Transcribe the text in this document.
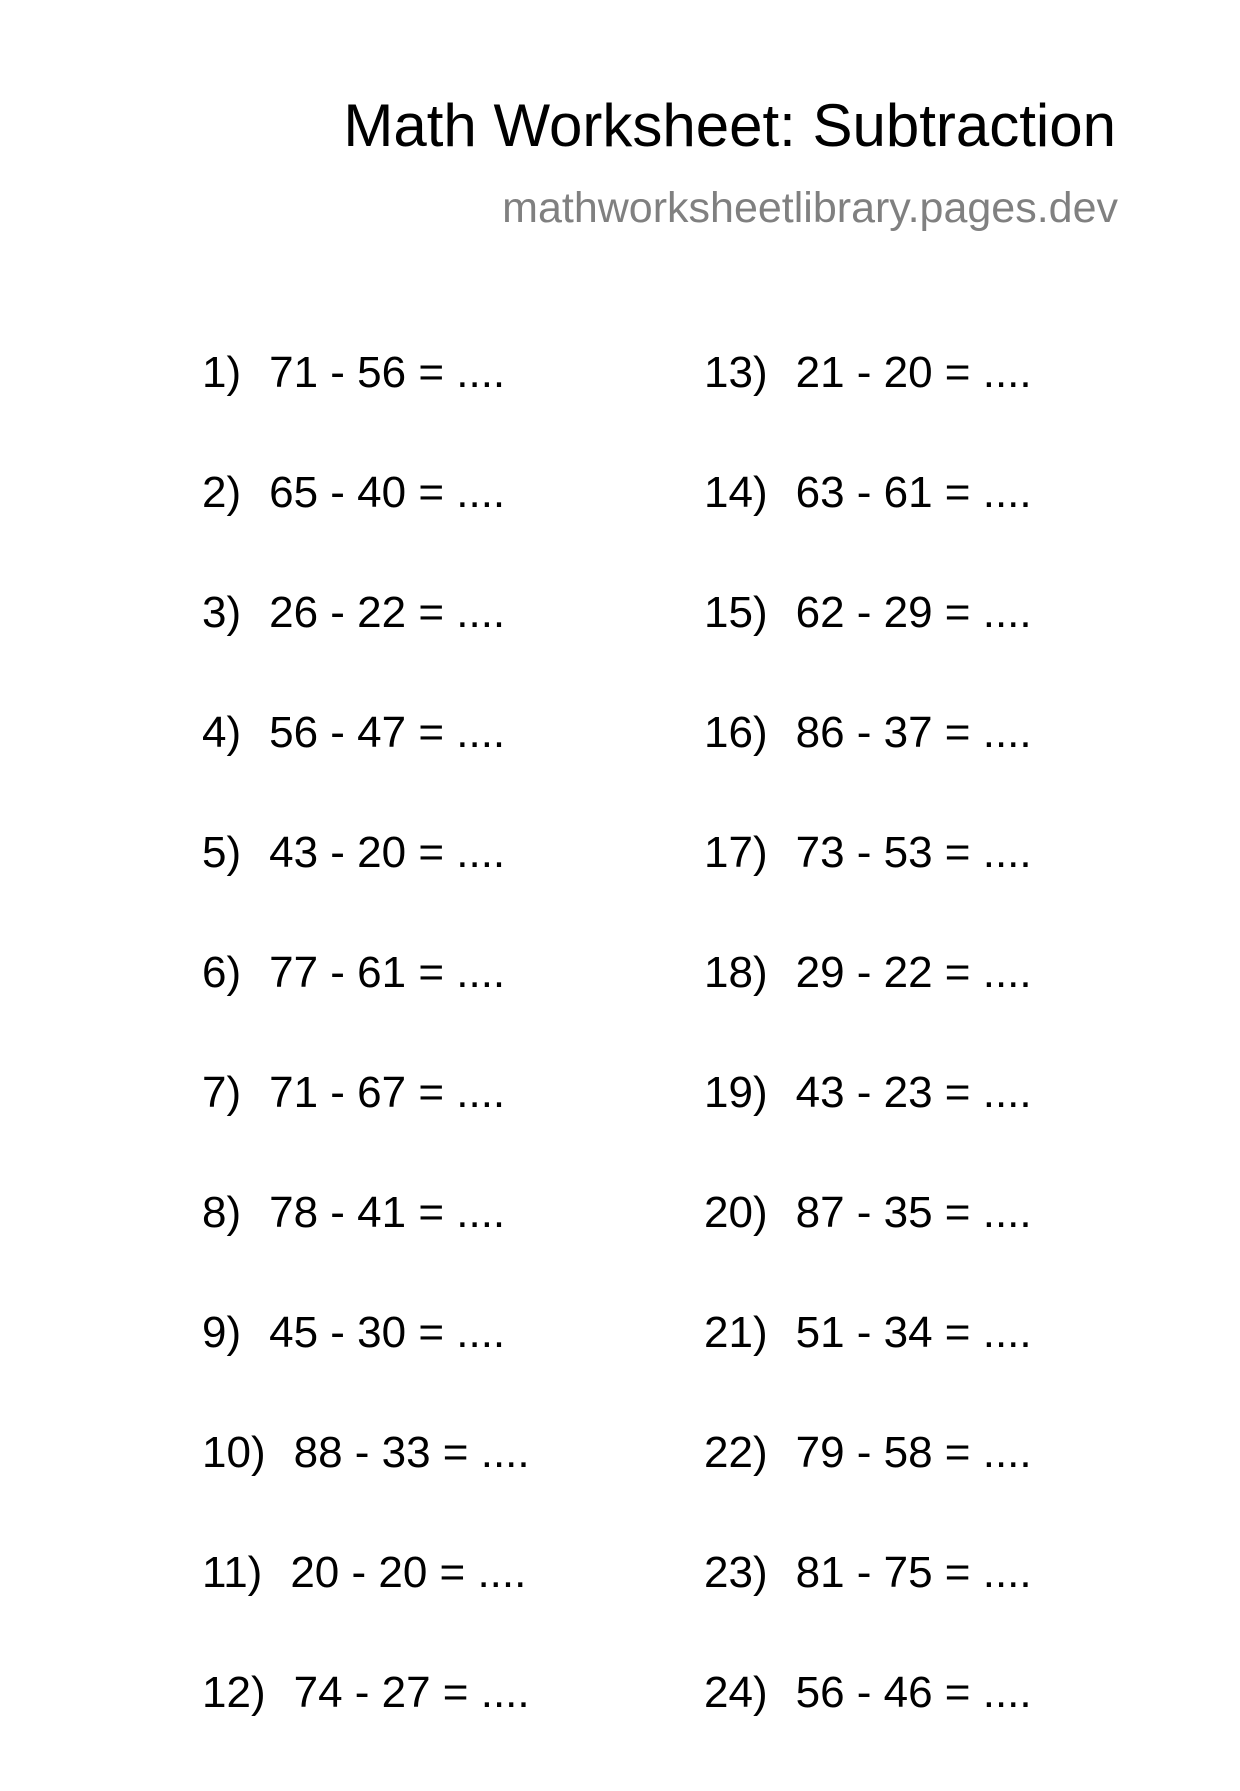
Math Worksheet: Subtraction
mathworksheetlibrary.pages.dev
1) 71 - 56 = ....
2) 65 - 40 = ....
3) 26 - 22 = ....
4) 56 - 47 = ....
5) 43 - 20 = ....
6) 77 - 61 = ....
7) 71 - 67 = ....
8) 78 - 41 = ....
9) 45 - 30 = ....
10) 88 - 33 = ....
11) 20 - 20 = ....
12) 74 - 27 = ....
13) 21 - 20 = ....
14) 63 - 61 = ....
15) 62 - 29 = ....
16) 86 - 37 = ....
17) 73 - 53 = ....
18) 29 - 22 = ....
19) 43 - 23 = ....
20) 87 - 35 = ....
21) 51 - 34 = ....
22) 79 - 58 = ....
23) 81 - 75 = ....
24) 56 - 46 = ....
